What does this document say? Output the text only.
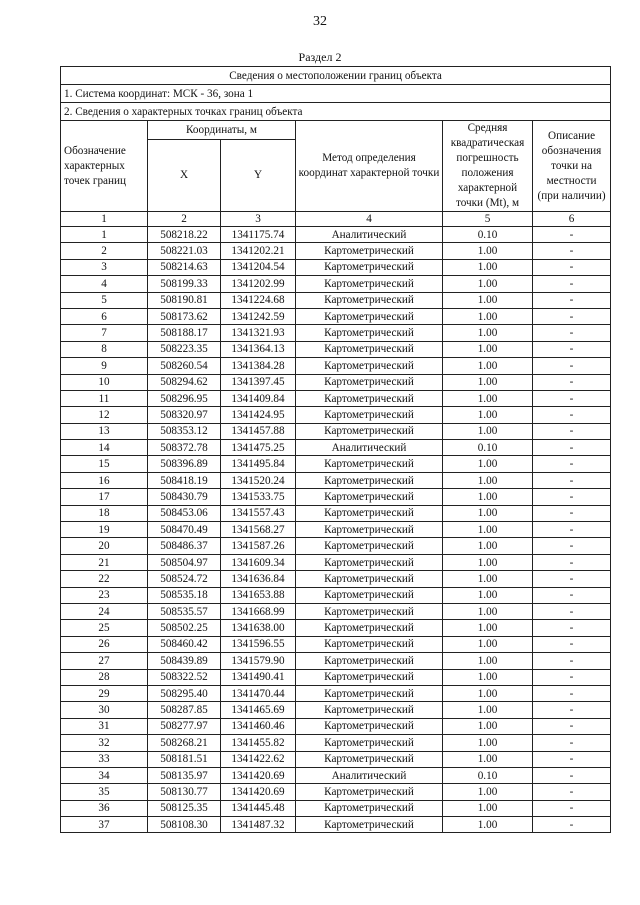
32
Раздел 2
Сведения о местоположении границ объекта					
1. Система координат: МСК - 36, зона 1					
2. Сведения о характерных точках границ объекта					
Обозначение характерных точек границ	Координаты, м		Метод определения координат характерной точки	Средняя квадратическая погрешность положения характерной точки (Mt), м	Описание обозначения точки на местности (при наличии)
	X	Y			
1	2	3	4	5	6
1	508218.22	1341175.74	Аналитический	0.10	-
2	508221.03	1341202.21	Картометрический	1.00	-
3	508214.63	1341204.54	Картометрический	1.00	-
4	508199.33	1341202.99	Картометрический	1.00	-
5	508190.81	1341224.68	Картометрический	1.00	-
6	508173.62	1341242.59	Картометрический	1.00	-
7	508188.17	1341321.93	Картометрический	1.00	-
8	508223.35	1341364.13	Картометрический	1.00	-
9	508260.54	1341384.28	Картометрический	1.00	-
10	508294.62	1341397.45	Картометрический	1.00	-
11	508296.95	1341409.84	Картометрический	1.00	-
12	508320.97	1341424.95	Картометрический	1.00	-
13	508353.12	1341457.88	Картометрический	1.00	-
14	508372.78	1341475.25	Аналитический	0.10	-
15	508396.89	1341495.84	Картометрический	1.00	-
16	508418.19	1341520.24	Картометрический	1.00	-
17	508430.79	1341533.75	Картометрический	1.00	-
18	508453.06	1341557.43	Картометрический	1.00	-
19	508470.49	1341568.27	Картометрический	1.00	-
20	508486.37	1341587.26	Картометрический	1.00	-
21	508504.97	1341609.34	Картометрический	1.00	-
22	508524.72	1341636.84	Картометрический	1.00	-
23	508535.18	1341653.88	Картометрический	1.00	-
24	508535.57	1341668.99	Картометрический	1.00	-
25	508502.25	1341638.00	Картометрический	1.00	-
26	508460.42	1341596.55	Картометрический	1.00	-
27	508439.89	1341579.90	Картометрический	1.00	-
28	508322.52	1341490.41	Картометрический	1.00	-
29	508295.40	1341470.44	Картометрический	1.00	-
30	508287.85	1341465.69	Картометрический	1.00	-
31	508277.97	1341460.46	Картометрический	1.00	-
32	508268.21	1341455.82	Картометрический	1.00	-
33	508181.51	1341422.62	Картометрический	1.00	-
34	508135.97	1341420.69	Аналитический	0.10	-
35	508130.77	1341420.69	Картометрический	1.00	-
36	508125.35	1341445.48	Картометрический	1.00	-
37	508108.30	1341487.32	Картометрический	1.00	-
